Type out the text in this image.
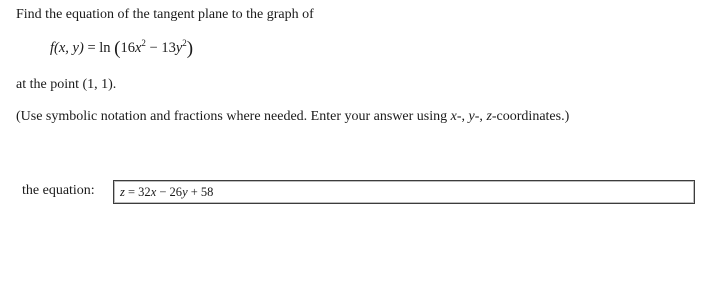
Find the equation of the tangent plane to the graph of
f(x, $y) = \ln (16x^2 - 13y^2)$
at the point (1, 1).
(Use symbolic notation and fractions where needed. Enter your answer using x-, y-, z-coordinates.)
the equation: z = 32x − 26y + 58
